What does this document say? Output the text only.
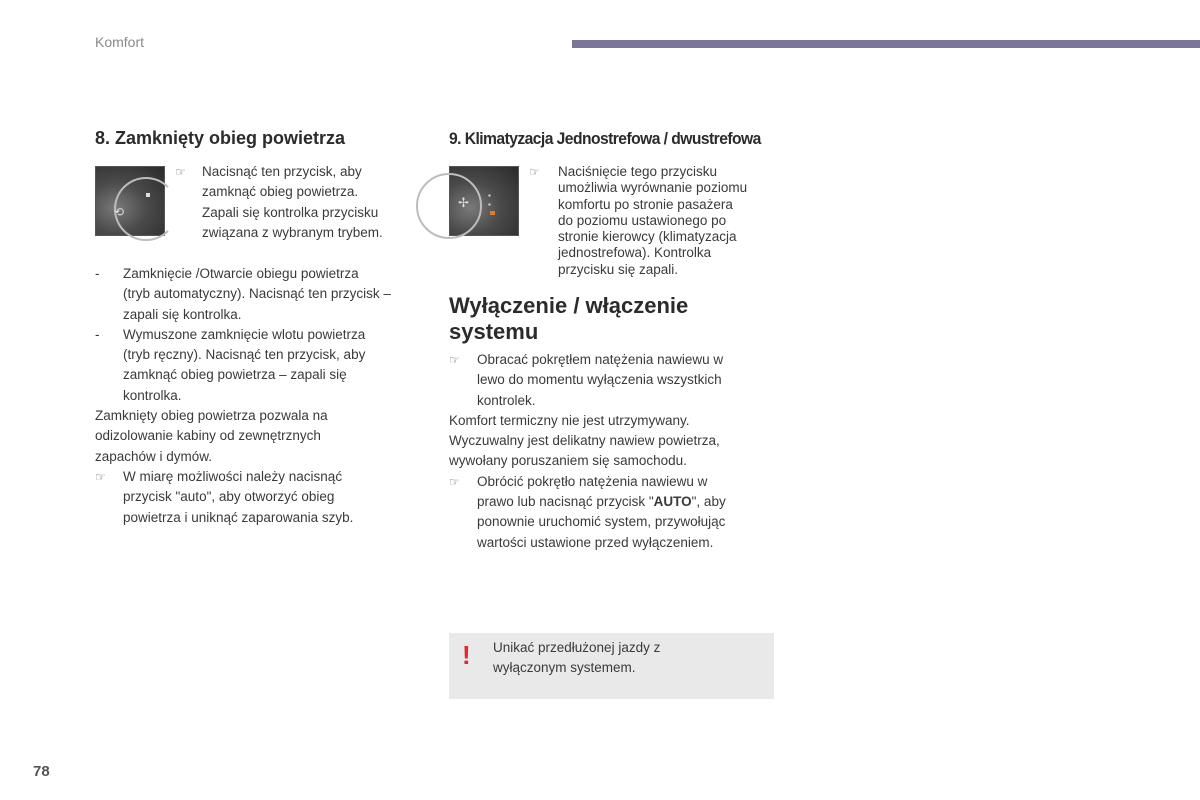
Komfort
8. Zamknięty obieg powietrza
⟲
☞ Nacisnąć ten przycisk, aby
zamknąć obieg powietrza.
Zapali się kontrolka przycisku
związana z wybranym trybem.
- Zamknięcie /Otwarcie obiegu powietrza
(tryb automatyczny). Nacisnąć ten przycisk –
zapali się kontrolka.
- Wymuszone zamknięcie wlotu powietrza
(tryb ręczny). Nacisnąć ten przycisk, aby
zamknąć obieg powietrza – zapali się
kontrolka.
Zamknięty obieg powietrza pozwala na
odizolowanie kabiny od zewnętrznych
zapachów i dymów.
☞ W miarę możliwości należy nacisnąć
przycisk "auto", aby otworzyć obieg
powietrza i uniknąć zaparowania szyb.
9. Klimatyzacja Jednostrefowa / dwustrefowa
✢ ▪
▪
☞ Naciśnięcie tego przycisku
umożliwia wyrównanie poziomu
komfortu po stronie pasażera
do poziomu ustawionego po
stronie kierowcy (klimatyzacja
jednostrefowa). Kontrolka
przycisku się zapali.
Wyłączenie / włączenie
systemu
☞ Obracać pokrętłem natężenia nawiewu w
lewo do momentu wyłączenia wszystkich
kontrolek.
Komfort termiczny nie jest utrzymywany.
Wyczuwalny jest delikatny nawiew powietrza,
wywołany poruszaniem się samochodu.
☞ Obrócić pokrętło natężenia nawiewu w
prawo lub nacisnąć przycisk "AUTO", aby
ponownie uruchomić system, przywołując
wartości ustawione przed wyłączeniem.
! Unikać przedłużonej jazdy z
wyłączonym systemem.
78
